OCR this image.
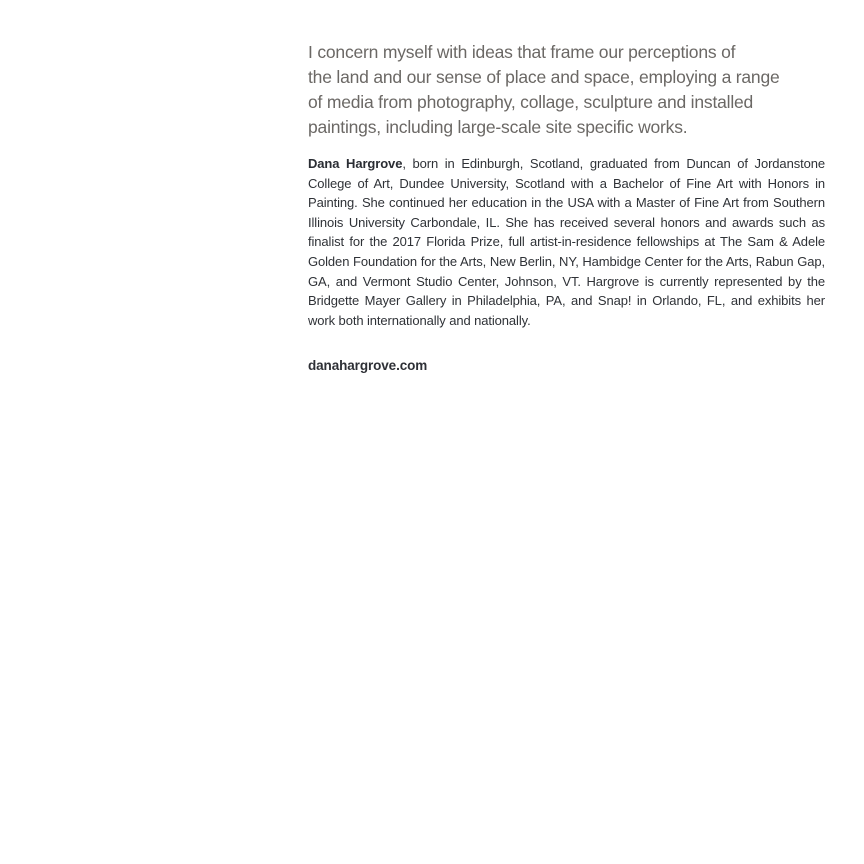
I concern myself with ideas that frame our perceptions of
the land and our sense of place and space, employing a range
of media from photography, collage, sculpture and installed
paintings, including large-scale site specific works.

Dana Hargrove, born in Edinburgh, Scotland, graduated from Duncan of Jordanstone College of Art, Dundee University, Scotland with a Bachelor of Fine Art with Honors in Painting. She continued her education in the USA with a Master of Fine Art from Southern Illinois University Carbondale, IL. She has received several honors and awards such as finalist for the 2017 Florida Prize, full artist-in-residence fellowships at The Sam & Adele Golden Foundation for the Arts, New Berlin, NY, Hambidge Center for the Arts, Rabun Gap, GA, and Vermont Studio Center, Johnson, VT. Hargrove is currently represented by the Bridgette Mayer Gallery in Philadelphia, PA, and Snap! in Orlando, FL, and exhibits her work both internationally and nationally.

danahargrove.com
